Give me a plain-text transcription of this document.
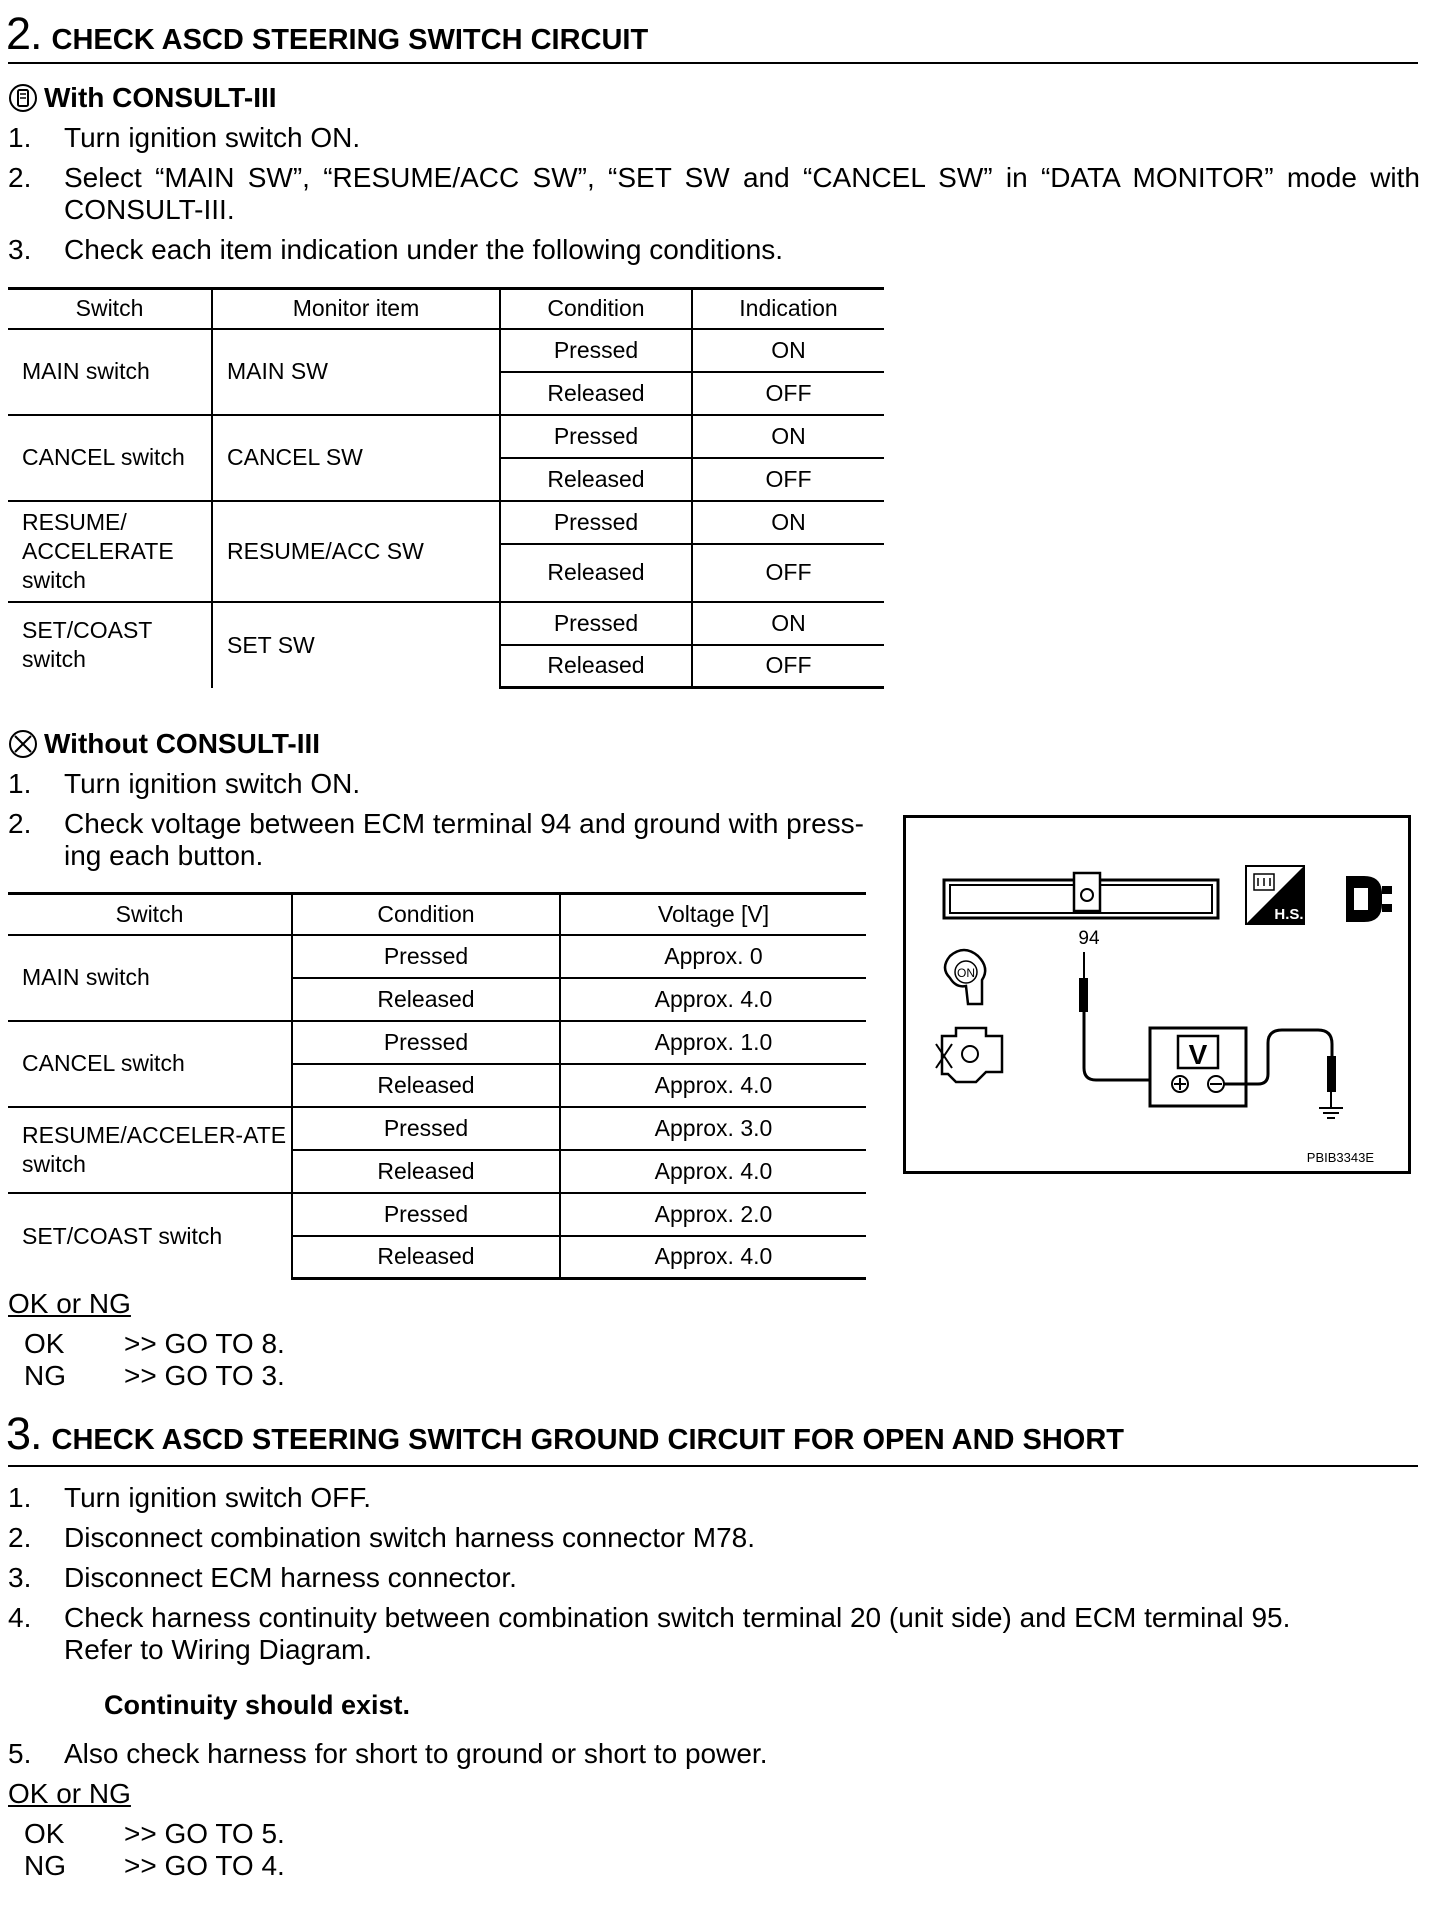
2. CHECK ASCD STEERING SWITCH CIRCUIT
With CONSULT-III
1.	Turn ignition switch ON.
2.	Select “MAIN SW”, “RESUME/ACC SW”, “SET SW and “CANCEL SW” in “DATA MONITOR” mode with CONSULT-III.
3.	Check each item indication under the following conditions.
Switch	Monitor item	Condition	Indication
MAIN switch	MAIN SW	Pressed	ON
		Released	OFF
CANCEL switch	CANCEL SW	Pressed	ON
		Released	OFF
RESUME/ ACCELERATE switch	RESUME/ACC SW	Pressed	ON
		Released	OFF
SET/COAST switch	SET SW	Pressed	ON
		Released	OFF
Without CONSULT-III
1.	Turn ignition switch ON.
2.	Check voltage between ECM terminal 94 and ground with press-ing each button.
Switch	Condition	Voltage [V]
MAIN switch	Pressed	Approx. 0
	Released	Approx. 4.0
CANCEL switch	Pressed	Approx. 1.0
	Released	Approx. 4.0
RESUME/ACCELER-ATE switch	Pressed	Approx. 3.0
	Released	Approx. 4.0
SET/COAST switch	Pressed	Approx. 2.0
	Released	Approx. 4.0
94
V
ON
H.S.
PBIB3343E
OK or NG
OK >> GO TO 8.
NG >> GO TO 3.
3. CHECK ASCD STEERING SWITCH GROUND CIRCUIT FOR OPEN AND SHORT
1.	Turn ignition switch OFF.
2.	Disconnect combination switch harness connector M78.
3.	Disconnect ECM harness connector.
4.	Check harness continuity between combination switch terminal 20 (unit side) and ECM terminal 95.
Refer to Wiring Diagram.
Continuity should exist.
5.	Also check harness for short to ground or short to power.
OK or NG
OK >> GO TO 5.
NG >> GO TO 4.
